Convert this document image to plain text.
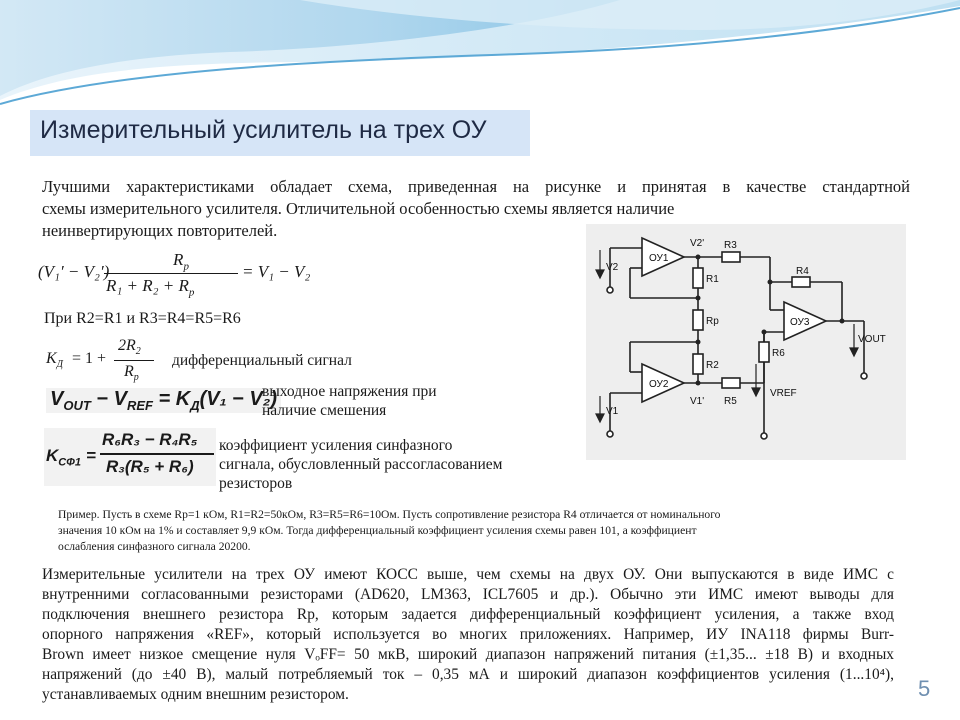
Измерительный усилитель на трех ОУ
Лучшими характеристиками обладает схема, приведенная на рисунке и принятая в качестве стандартной
схемы измерительного усилителя. Отличительной особенностью схемы является наличие
неинвертирующих повторителей.
(V₁′ − V₂′)
$R_p$
$R_1 + R_2 + R_p$
= V₁ − V₂
При R2=R1 и R3=R4=R5=R6
$K_Д = 1$ +
$2R_2$
$R_p$
дифференциальный сигнал
$V_{OUT} - V_{REF} = K_Д(V_1 - V_2)$
выходное напряжения при
наличие смешения
$K_{СФ1}$ =
R₆R₃ − R₄R₅
R₃(R₅ + R₆)
коэффициент усиления синфазного
сигнала, обусловленный рассогласованием
резисторов
Пример. Пусть в схеме Rp=1 кОм, R1=R2=50кОм, R3=R5=R6=10Ом. Пусть сопротивление резистора R4 отличается от номинального
значения 10 кОм на 1% и составляет 9,9 кОм. Тогда дифференциальный коэффициент усиления схемы равен 101, а коэффициент
ослабления синфазного сигнала 20200.
Измерительные усилители на трех ОУ имеют КОСС выше, чем схемы на двух ОУ. Они выпускаются в виде ИМС с
внутренними согласованными резисторами (AD620, LM363, ICL7605 и др.). Обычно эти ИМС имеют выводы для
подключения внешнего резистора Rp, которым задается дифференциальный коэффициент усиления, а также вход
опорного напряжения «REF», который используется во многих приложениях. Например, ИУ INA118 фирмы Burr-
Brown имеет низкое смещение нуля VₒFF= 50 мкВ, широкий диапазон напряжений питания (±1,35... ±18 В) и входных
напряжений (до ±40 В), малый потребляемый ток – 0,35 мА и широкий диапазон коэффициентов усиления (1...10⁴),
устанавливаемых одним внешним резистором.
ОУ1
ОУ2
ОУ3
R1
Rp
R2
R3
R4
R5
R6
V2
V1
V2'
V1'
VOUT
VREF
5
